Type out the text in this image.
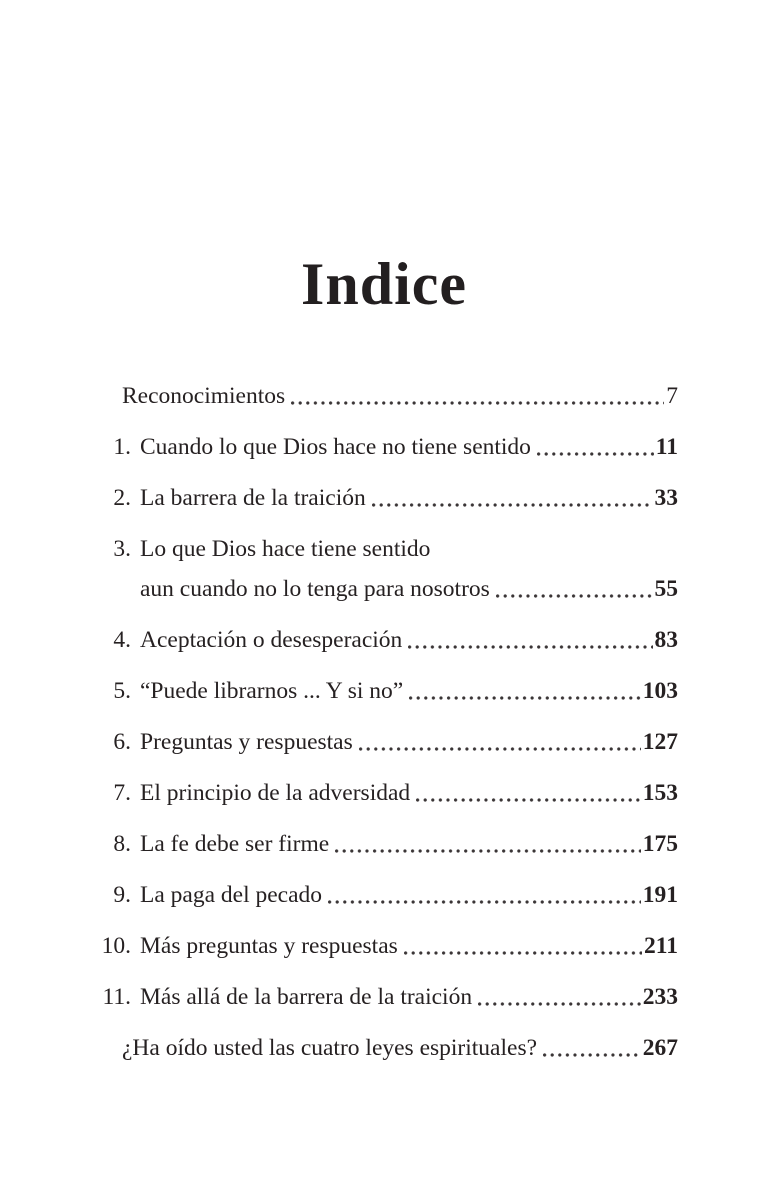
Indice
Reconocimientos	7
1. Cuando lo que Dios hace no tiene sentido	11
2. La barrera de la traición	33
3. Lo que Dios hace tiene sentido
aun cuando no lo tenga para nosotros	55
4. Aceptación o desesperación	83
5. “Puede librarnos ... Y si no”	103
6. Preguntas y respuestas	127
7. El principio de la adversidad	153
8. La fe debe ser firme	175
9. La paga del pecado	191
10. Más preguntas y respuestas	211
11. Más allá de la barrera de la traición	233
¿Ha oído usted las cuatro leyes espirituales?	267
